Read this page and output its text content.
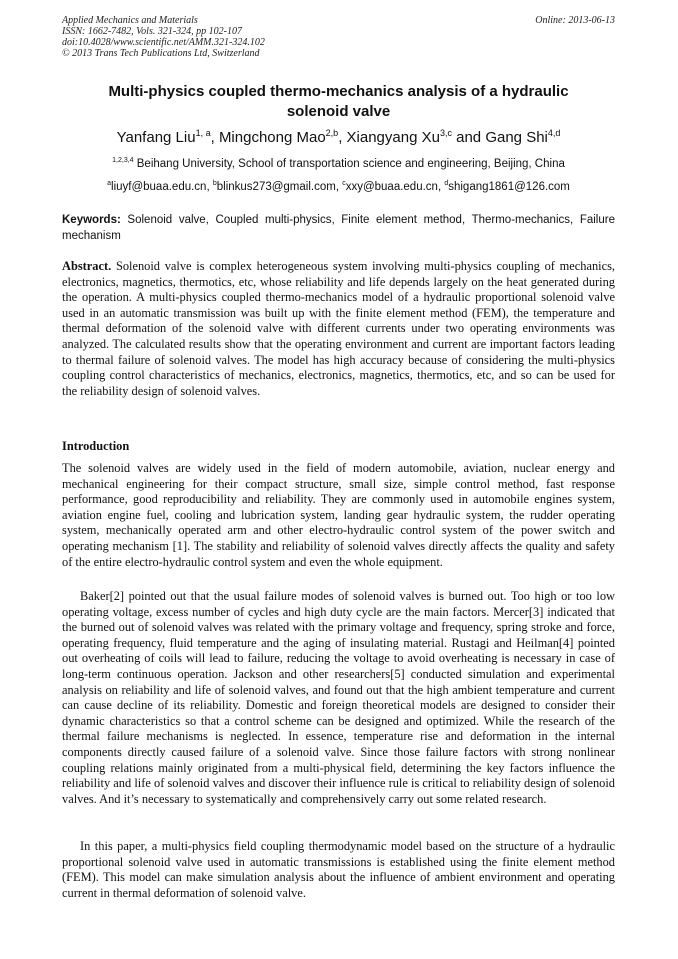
Applied Mechanics and Materials
ISSN: 1662-7482, Vols. 321-324, pp 102-107
doi:10.4028/www.scientific.net/AMM.321-324.102
© 2013 Trans Tech Publications Ltd, Switzerland
Online: 2013-06-13
Multi-physics coupled thermo-mechanics analysis of a hydraulic
solenoid valve
Yanfang Liu$^{1, a}$, Mingchong Mao$^{2,b}$, Xiangyang Xu$^{3,c}$ and Gang Shi$^{4,d}$
$^{1,2,3,4}$ Beihang University, School of transportation science and engineering, Beijing, China
$^a$liuyf@buaa.edu.cn, $^b$blinkus273@gmail.com, $^c$xxy@buaa.edu.cn, $^d$shigang1861@126.com
Keywords: Solenoid valve, Coupled multi-physics, Finite element method, Thermo-mechanics, Failure mechanism

Abstract. Solenoid valve is complex heterogeneous system involving multi-physics coupling of mechanics, electronics, magnetics, thermotics, etc, whose reliability and life depends largely on the heat generated during the operation. A multi-physics coupled thermo-mechanics model of a hydraulic proportional solenoid valve used in an automatic transmission was built up with the finite element method (FEM), the temperature and thermal deformation of the solenoid valve with different currents under two operating environments was analyzed. The calculated results show that the operating environment and current are important factors leading to thermal failure of solenoid valves. The model has high accuracy because of considering the multi-physics coupling control characteristics of mechanics, electronics, magnetics, thermotics, etc, and so can be used for the reliability design of solenoid valves.

Introduction
The solenoid valves are widely used in the field of modern automobile, aviation, nuclear energy and mechanical engineering for their compact structure, small size, simple control method, fast response performance, good reproducibility and reliability. They are commonly used in automobile engines system, aviation engine fuel, cooling and lubrication system, landing gear hydraulic system, the rudder operating system, mechanically operated arm and other electro-hydraulic control system of the power switch and operating mechanism [1]. The stability and reliability of solenoid valves directly affects the quality and safety of the entire electro-hydraulic control system and even the whole equipment.
Baker[2] pointed out that the usual failure modes of solenoid valves is burned out. Too high or too low operating voltage, excess number of cycles and high duty cycle are the main factors. Mercer[3] indicated that the burned out of solenoid valves was related with the primary voltage and frequency, spring stroke and force, operating frequency, fluid temperature and the aging of insulating material. Rustagi and Heilman[4] pointed out overheating of coils will lead to failure, reducing the voltage to avoid overheating is necessary in case of long-term continuous operation. Jackson and other researchers[5] conducted simulation and experimental analysis on reliability and life of solenoid valves, and found out that the high ambient temperature and current can cause decline of its reliability. Domestic and foreign theoretical models are designed to consider their dynamic characteristics so that a control scheme can be designed and optimized. While the research of the thermal failure mechanisms is neglected. In essence, temperature rise and deformation in the internal components directly caused failure of a solenoid valve. Since those failure factors with strong nonlinear coupling relations mainly originated from a multi-physical field, determining the key factors influence the reliability and life of solenoid valves and discover their influence rule is critical to reliability design of solenoid valves. And it’s necessary to systematically and comprehensively carry out some related research.
In this paper, a multi-physics field coupling thermodynamic model based on the structure of a hydraulic proportional solenoid valve used in automatic transmissions is established using the finite element method (FEM). This model can make simulation analysis about the influence of ambient environment and operating current in thermal deformation of solenoid valve.
